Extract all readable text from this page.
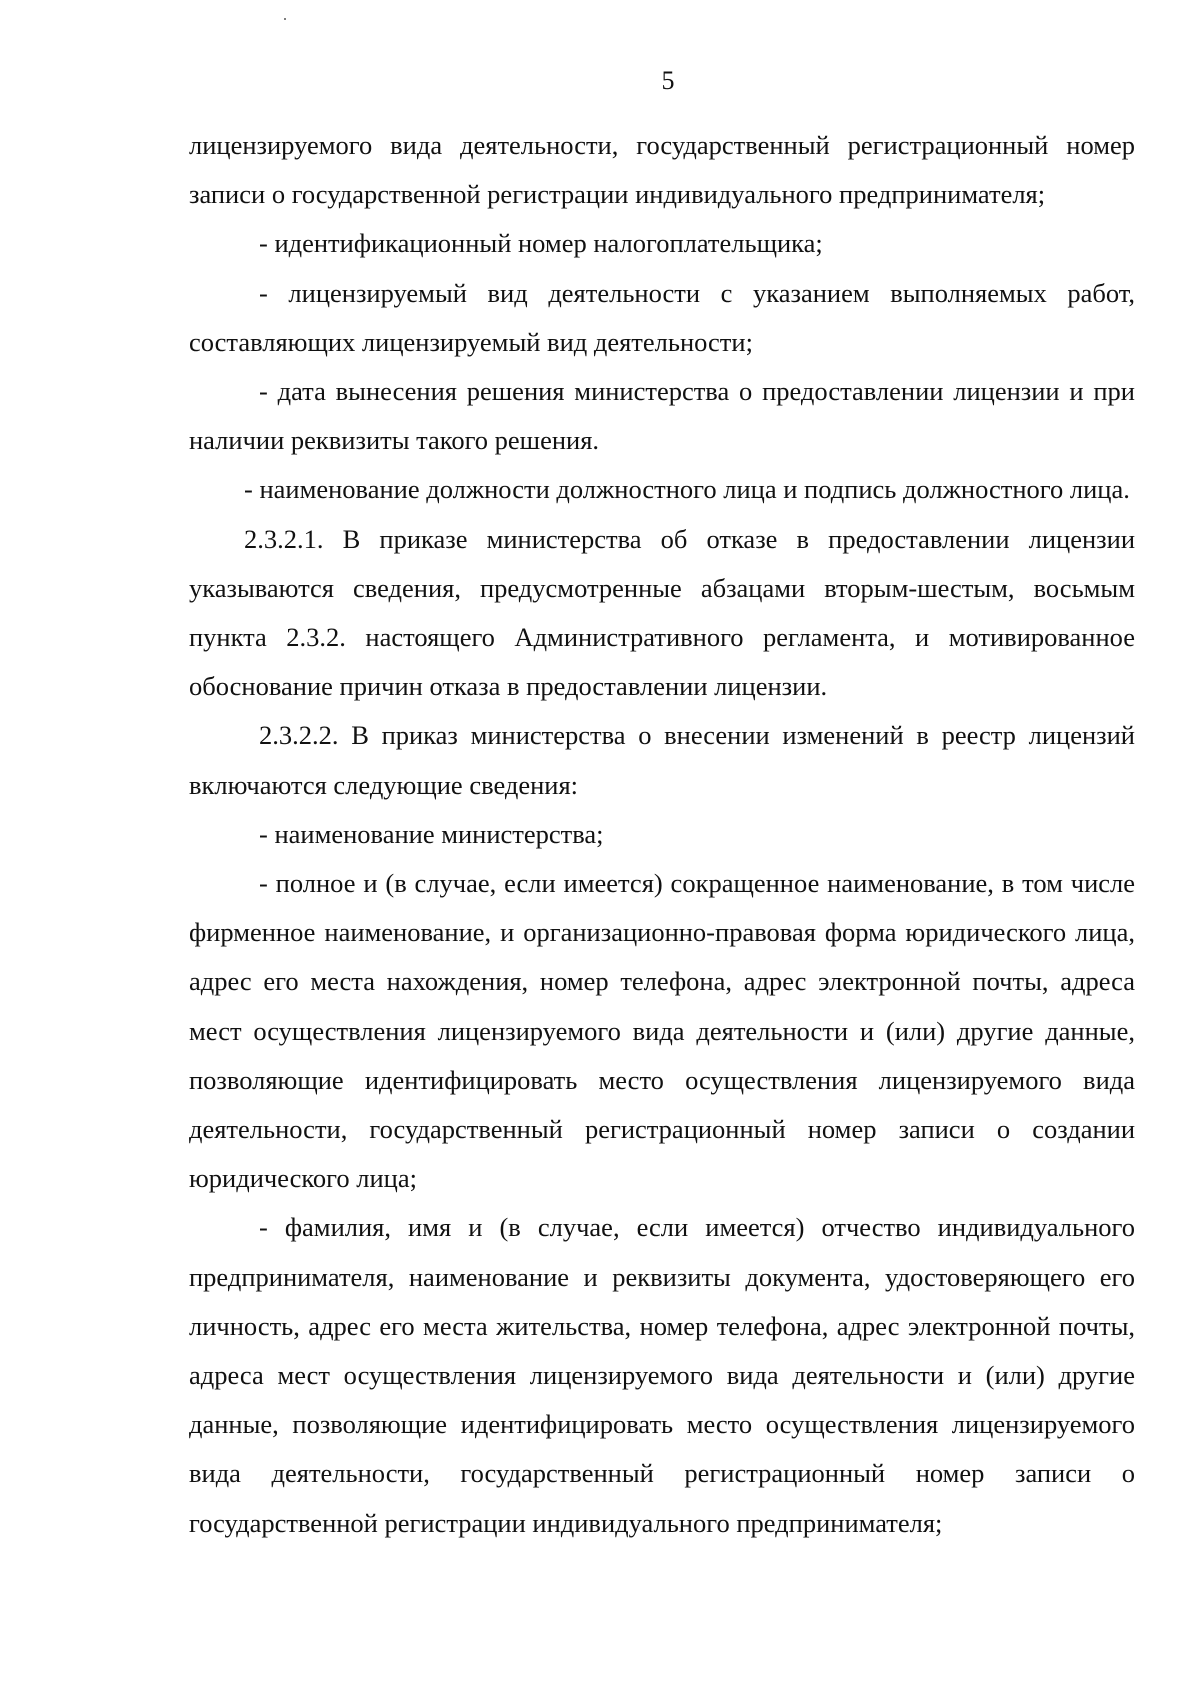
5

лицензируемого вида деятельности, государственный регистрационный номер записи о государственной регистрации индивидуального предпринимателя;

- идентификационный номер налогоплательщика;

- лицензируемый вид деятельности с указанием выполняемых работ, составляющих лицензируемый вид деятельности;

- дата вынесения решения министерства о предоставлении лицензии и при наличии реквизиты такого решения.

- наименование должности должностного лица и подпись должностного лица.

2.3.2.1. В приказе министерства об отказе в предоставлении лицензии указываются сведения, предусмотренные абзацами вторым-шестым, восьмым пункта 2.3.2. настоящего Административного регламента, и мотивированное обоснование причин отказа в предоставлении лицензии.

2.3.2.2. В приказ министерства о внесении изменений в реестр лицензий включаются следующие сведения:

- наименование министерства;

- полное и (в случае, если имеется) сокращенное наименование, в том числе фирменное наименование, и организационно-правовая форма юридического лица, адрес его места нахождения, номер телефона, адрес электронной почты, адреса мест осуществления лицензируемого вида деятельности и (или) другие данные, позволяющие идентифицировать место осуществления лицензируемого вида деятельности, государственный регистрационный номер записи о создании юридического лица;

- фамилия, имя и (в случае, если имеется) отчество индивидуального предпринимателя, наименование и реквизиты документа, удостоверяющего его личность, адрес его места жительства, номер телефона, адрес электронной почты, адреса мест осуществления лицензируемого вида деятельности и (или) другие данные, позволяющие идентифицировать место осуществления лицензируемого вида деятельности, государственный регистрационный номер записи о государственной регистрации индивидуального предпринимателя;
